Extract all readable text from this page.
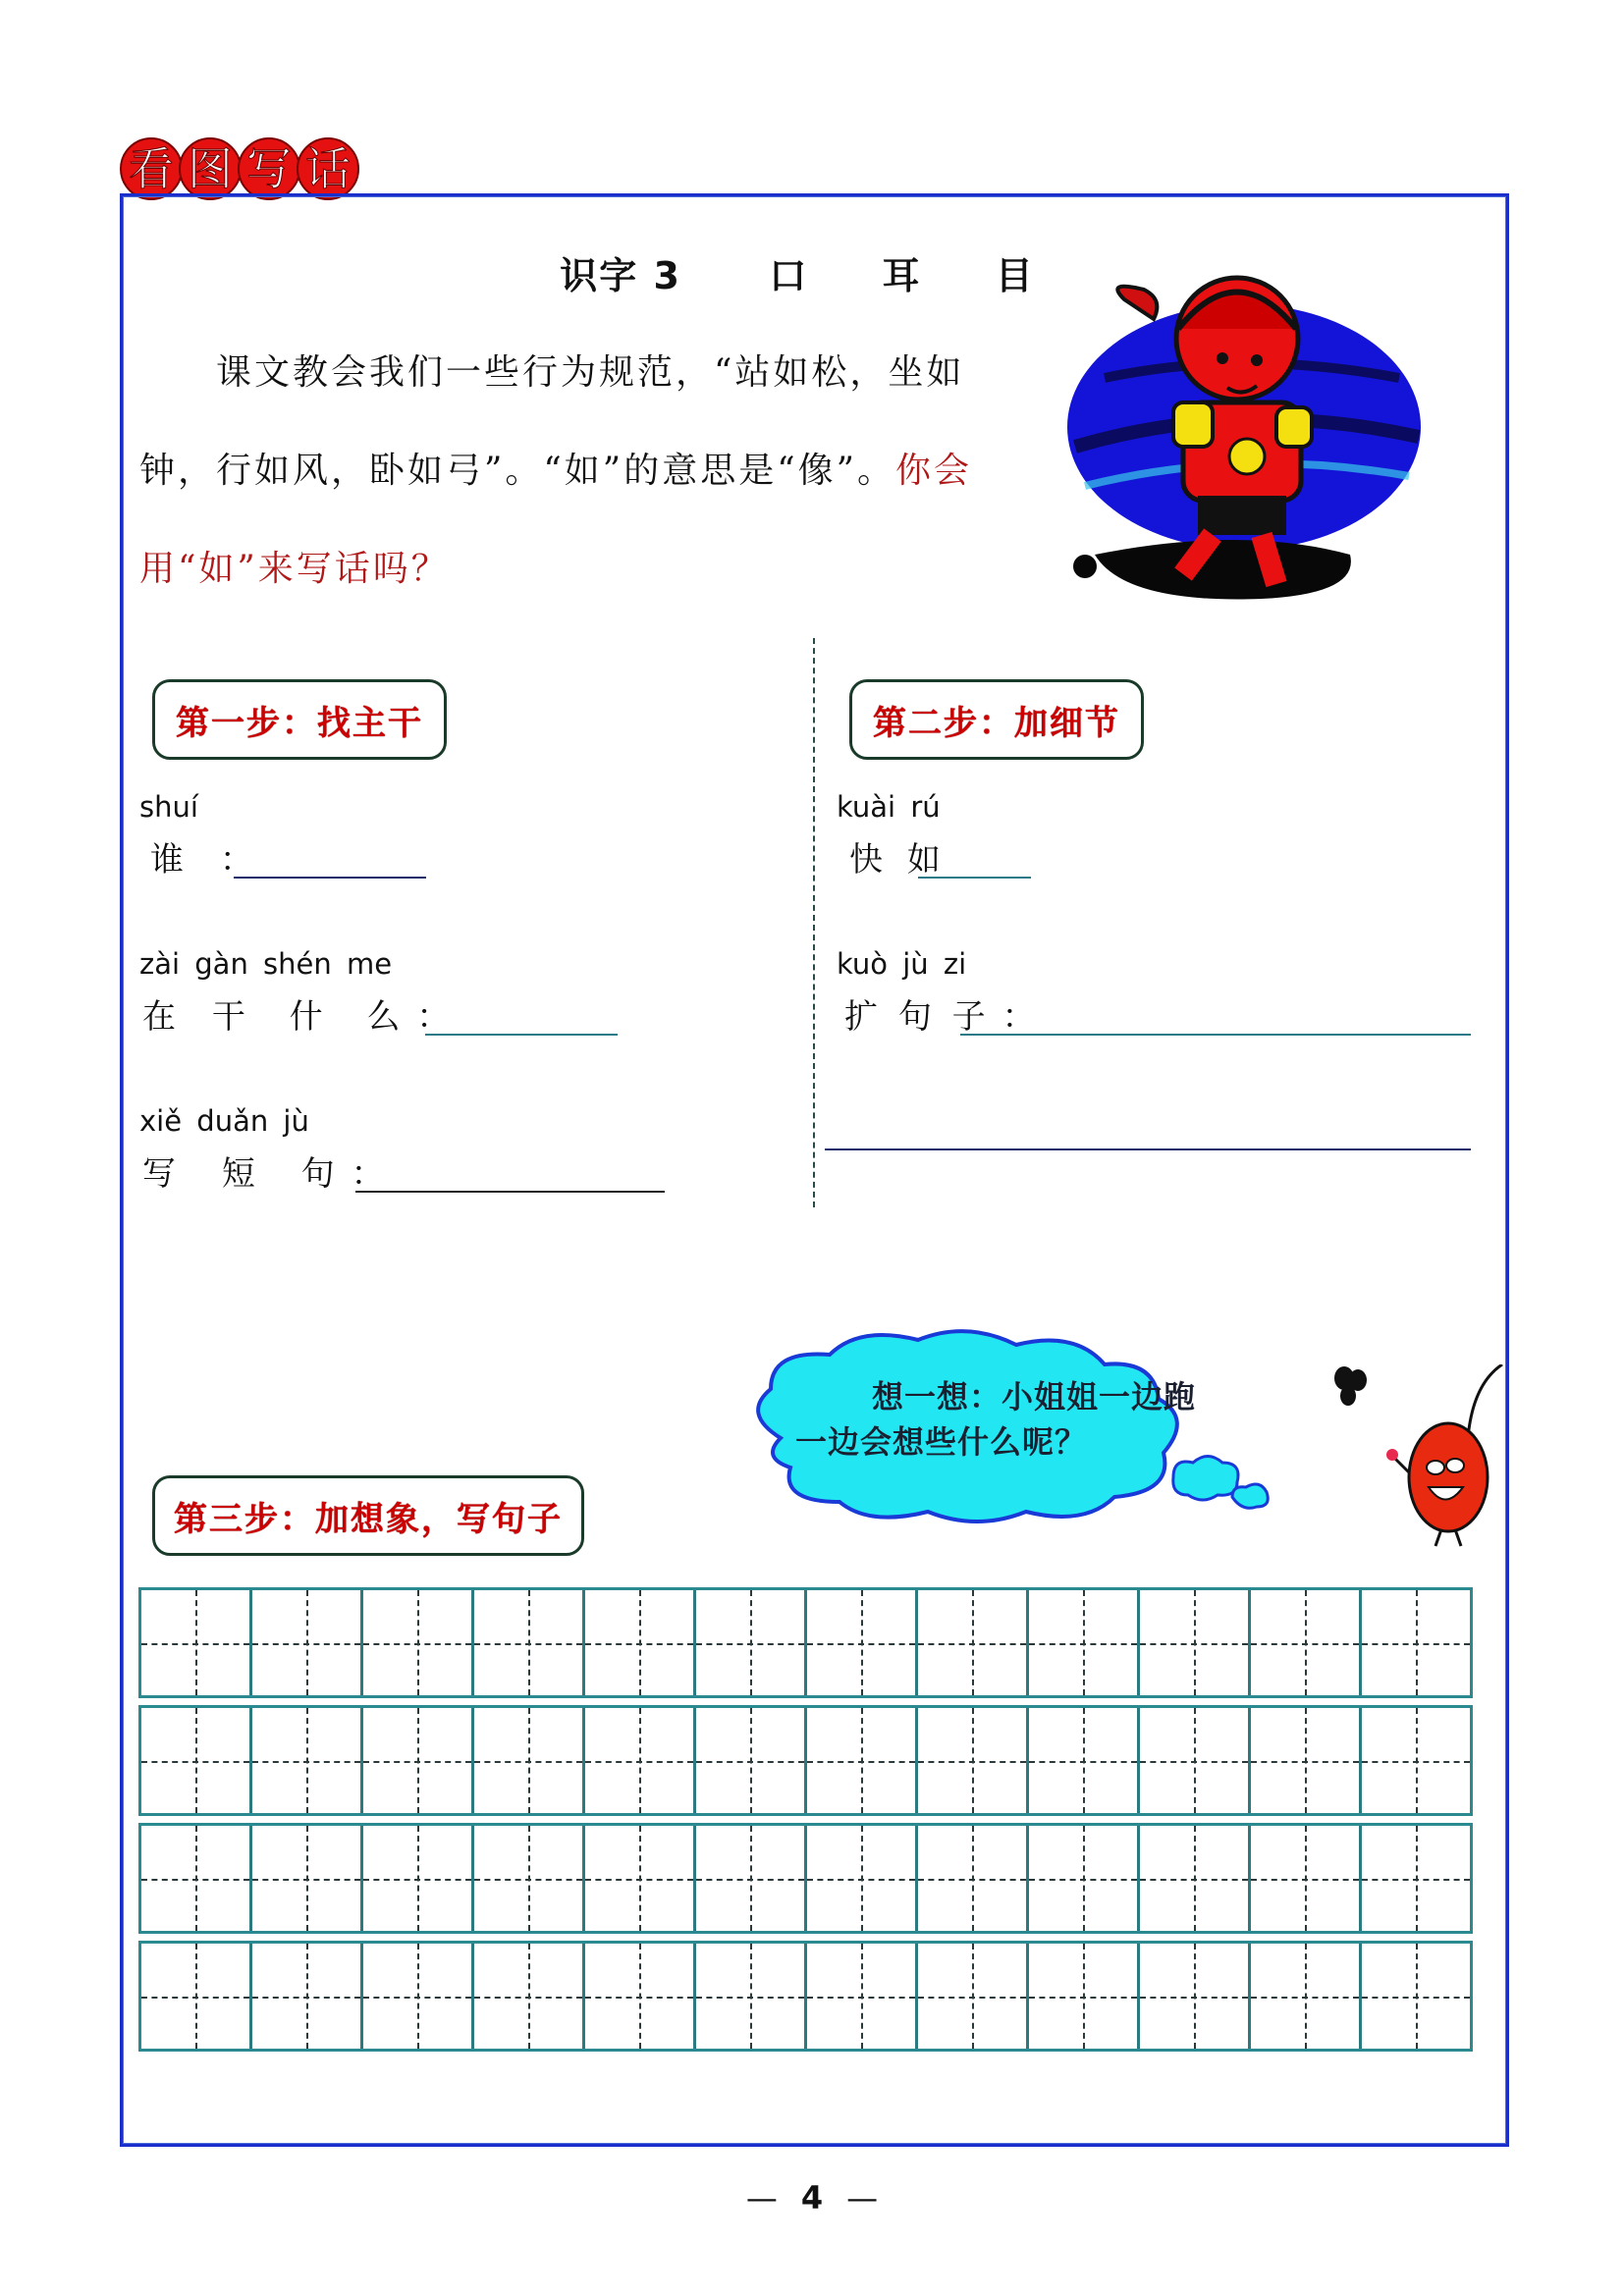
看 图 写 话
识字 3 口 耳 目
课文教会我们一些行为规范，“站如松，坐如
钟，行如风，卧如弓”。“如”的意思是“像”。你会
用“如”来写话吗？
第一步：找主干
shuí
谁 ：
zài gàn shén me
在 干 什 么 ：
xiě duǎn jù
写 短 句 ：
第二步：加细节
kuài rú
快 如
kuò jù zi
扩 句 子 ：
想一想：小姐姐一边跑
一边会想些什么呢？
第三步：加想象，写句子
— 4 —
